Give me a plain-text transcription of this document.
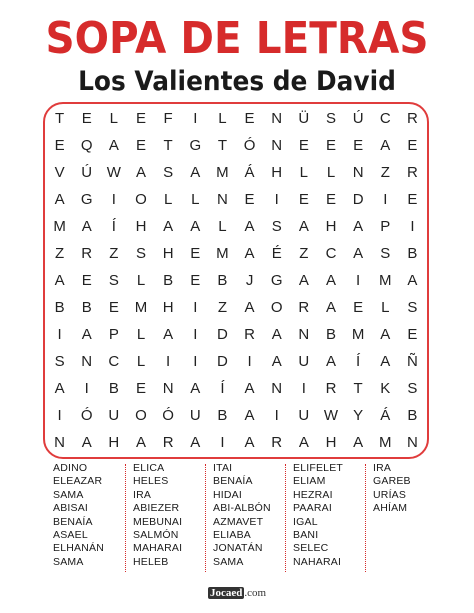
SOPA DE LETRAS
Los Valientes de David
T	E	L	E	F	I	L	E	N	Ü	S	Ú	C	R
E	Q	A	E	T	G	T	Ó	N	E	E	E	A	E
V	Ú W	A	S	A	M	Á	H	L	L	N	Z	R
A	G	I	O	L	L	N	E	I	E	E	D	I	E
M	A	Í	H	A	A	L	A	S	A	H	A	P	I
Z	R	Z	S	H	E	M	A	É	Z	C	A	S	B
A	E	S	L	B	E	B	J	G	A	A	I	M	A
B	B	E	M	H	I	Z	A	O	R	A	E	L	S
I	A	P	L	A	I	D	R	A	N	B	M	A	E
S	N	C	L	I	I	D	I	A	U	A	Í	A	Ñ
A	I	B	E	N	A	Í	A	N	I	R	T	K	S
I	Ó	U	O	Ó	U	B	A	I	U W	Y	Á	B
N	A	H	A	R	A	I	A	R	A	H	A	M	N
ADINO
ELEAZAR
SAMA
ABISAI
BENAÍA
ASAEL
ELHANÁN
SAMA
ELICA
HELES
IRA
ABIEZER
MEBUNAI
SALMÓN
MAHARAI
HELEB
ITAI
BENAÍA
HIDAI
ABI-ALBÓN
AZMAVET
ELIABA
JONATÁN
SAMA
ELIFELET
ELIAM
HEZRAI
PAARAI
IGAL
BANI
SELEC
NAHARAI
IRA
GAREB
URÍAS
AHÍAM
Jocaed .com
